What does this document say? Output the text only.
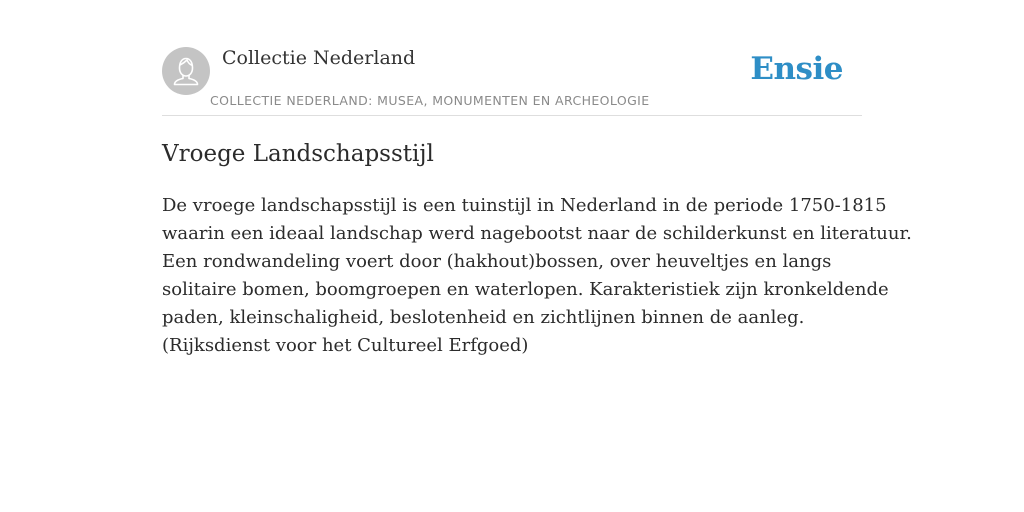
Collectie Nederland
COLLECTIE NEDERLAND: MUSEA, MONUMENTEN EN ARCHEOLOGIE
Ensie
Vroege Landschapsstijl

De vroege landschapsstijl is een tuinstijl in Nederland in de periode 1750-1815
waarin een ideaal landschap werd nagebootst naar de schilderkunst en literatuur.
Een rondwandeling voert door (hakhout)bossen, over heuveltjes en langs
solitaire bomen, boomgroepen en waterlopen. Karakteristiek zijn kronkeldende
paden, kleinschaligheid, beslotenheid en zichtlijnen binnen de aanleg.
(Rijksdienst voor het Cultureel Erfgoed)
